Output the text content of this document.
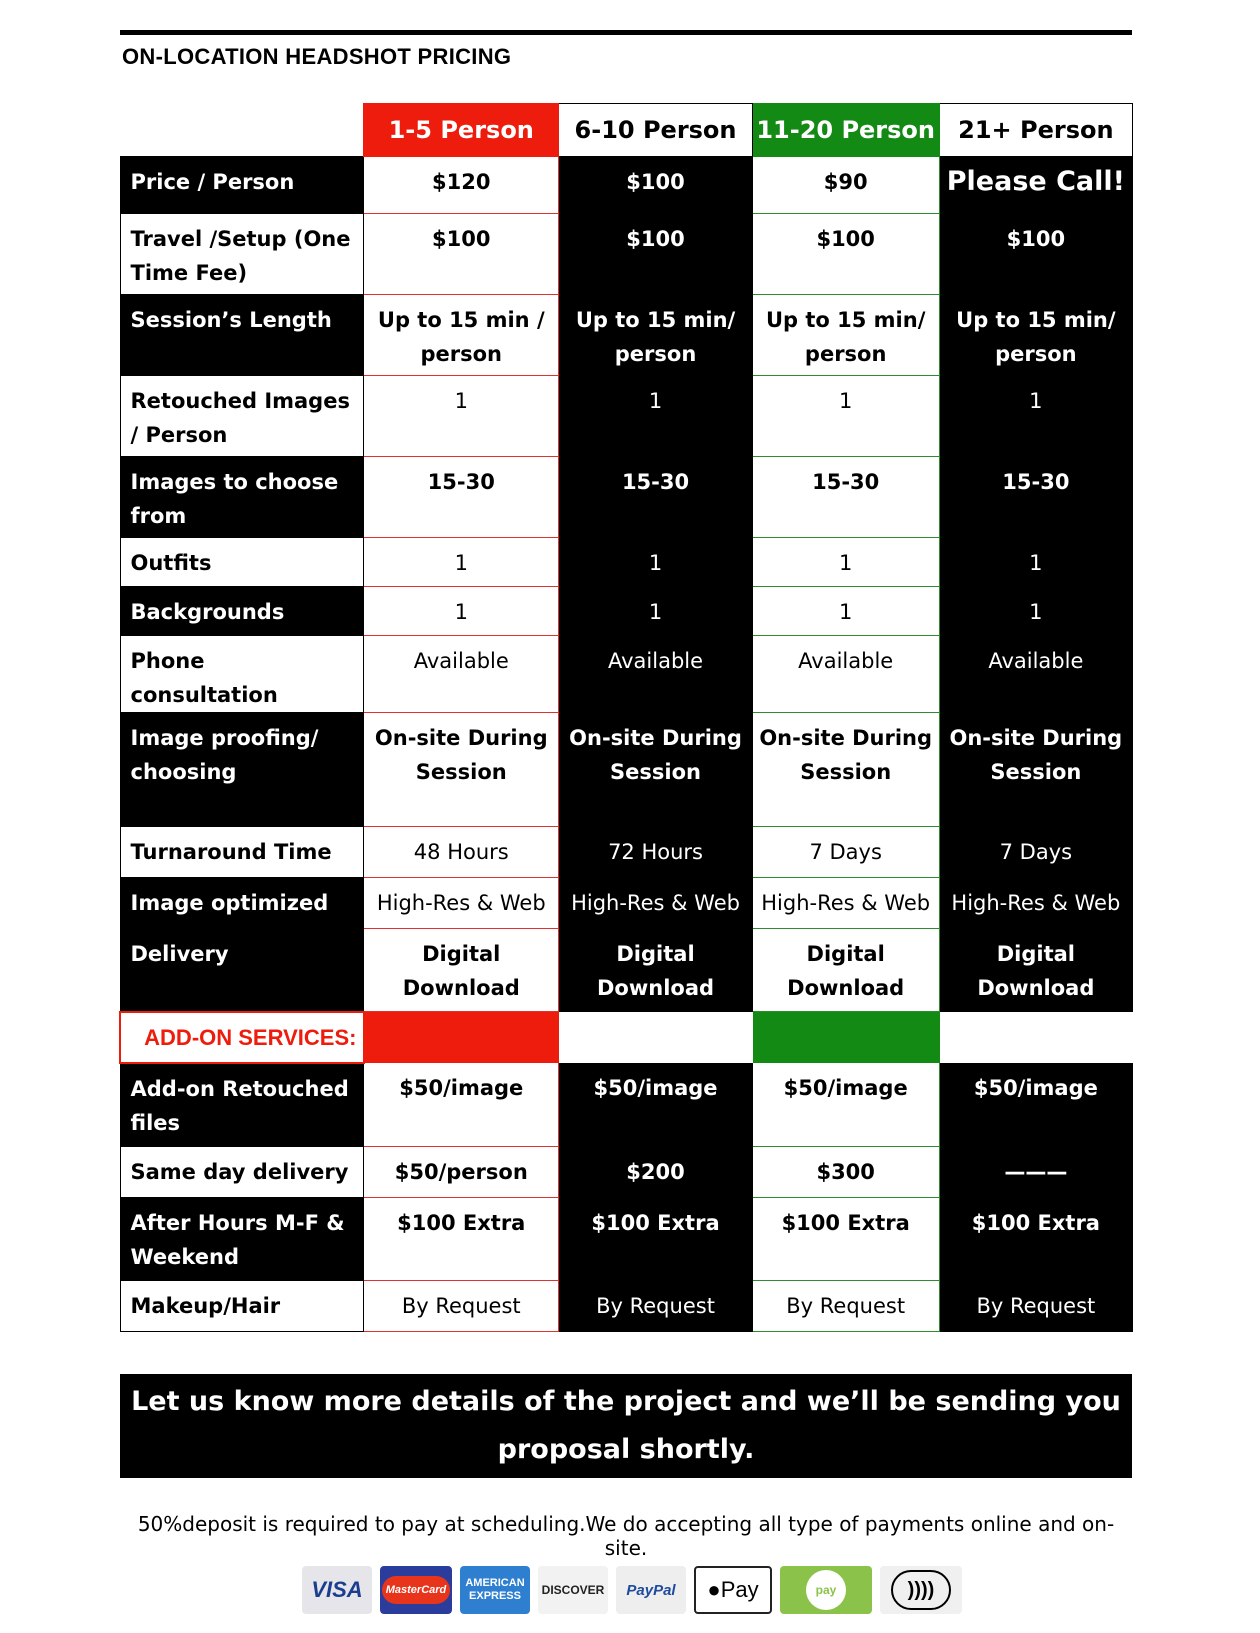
ON-LOCATION HEADSHOT PRICING
	1-5 Person	6-10 Person	11-20 Person	21+ Person
Price / Person	$120	$100	$90	Please Call!
Travel /Setup (One Time Fee)	$100	$100	$100	$100
Session’s Length	Up to 15 min / person	Up to 15 min/ person	Up to 15 min/ person	Up to 15 min/ person
Retouched Images / Person	1	1	1	1
Images to choose from	15-30	15-30	15-30	15-30
Outfits	1	1	1	1
Backgrounds	1	1	1	1
Phone consultation	Available	Available	Available	Available
Image proofing/ choosing	On-site During Session	On-site During Session	On-site During Session	On-site During Session
Turnaround Time	48 Hours	72 Hours	7 Days	7 Days
Image optimized	High-Res & Web	High-Res & Web	High-Res & Web	High-Res & Web
Delivery	Digital Download	Digital Download	Digital Download	Digital Download
ADD-ON SERVICES:				
Add-on Retouched files	$50/image	$50/image	$50/image	$50/image
Same day delivery	$50/person	$200	$300	———
After Hours M-F & Weekend	$100 Extra	$100 Extra	$100 Extra	$100 Extra
Makeup/Hair	By Request	By Request	By Request	By Request
Let us know more details of the project and we’ll be sending you proposal shortly.
50%deposit is required to pay at scheduling.We do accepting all type of payments online and on-site.
VISA	MasterCard
AMERICAN EXPRESS	DISCOVER	PayPal	● Pay	pay	))))
